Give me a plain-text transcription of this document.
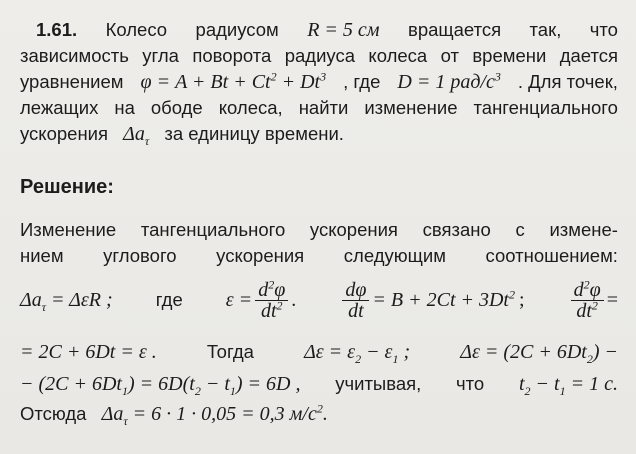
1.61. Колесо радиусом R = 5 см вращается так, что
зависимость угла поворота радиуса колеса от времени дается
уравнением $\varphi = A + Bt + Ct^2 + Dt^3$ , где D = 1 рад/$с^3$ . Для точек,
лежащих на ободе колеса, найти изменение тангенциального
ускорения $\Delta a_\tau$ за единицу времени.
Решение:
Изменение тангенциального ускорения связано с измене-
нием углового ускорения следующим соотношением:
$\Delta a_\tau = \Delta\varepsilon R$ ; где $\varepsilon = \frac{d^2\varphi}{dt^2}$ . $\frac{d\varphi}{dt} = B + 2Ct + 3Dt^2$ ; $\frac{d^2\varphi}{dt^2}$ =
= 2C + 6Dt = ε .	Тогда	$\Delta\varepsilon = \varepsilon_2 - \varepsilon_1$ ;	$\Delta\varepsilon = (2C + 6Dt_2)$ −
− $(2C + 6Dt_1) = 6D(t_2 - t_1) = 6D$ , учитывая, что $t_2 - t_1 = 1$ с.
Отсюда $\Delta a_\tau = 6 \cdot 1 \cdot 0,05 = 0,3$ $м/с^2$.
